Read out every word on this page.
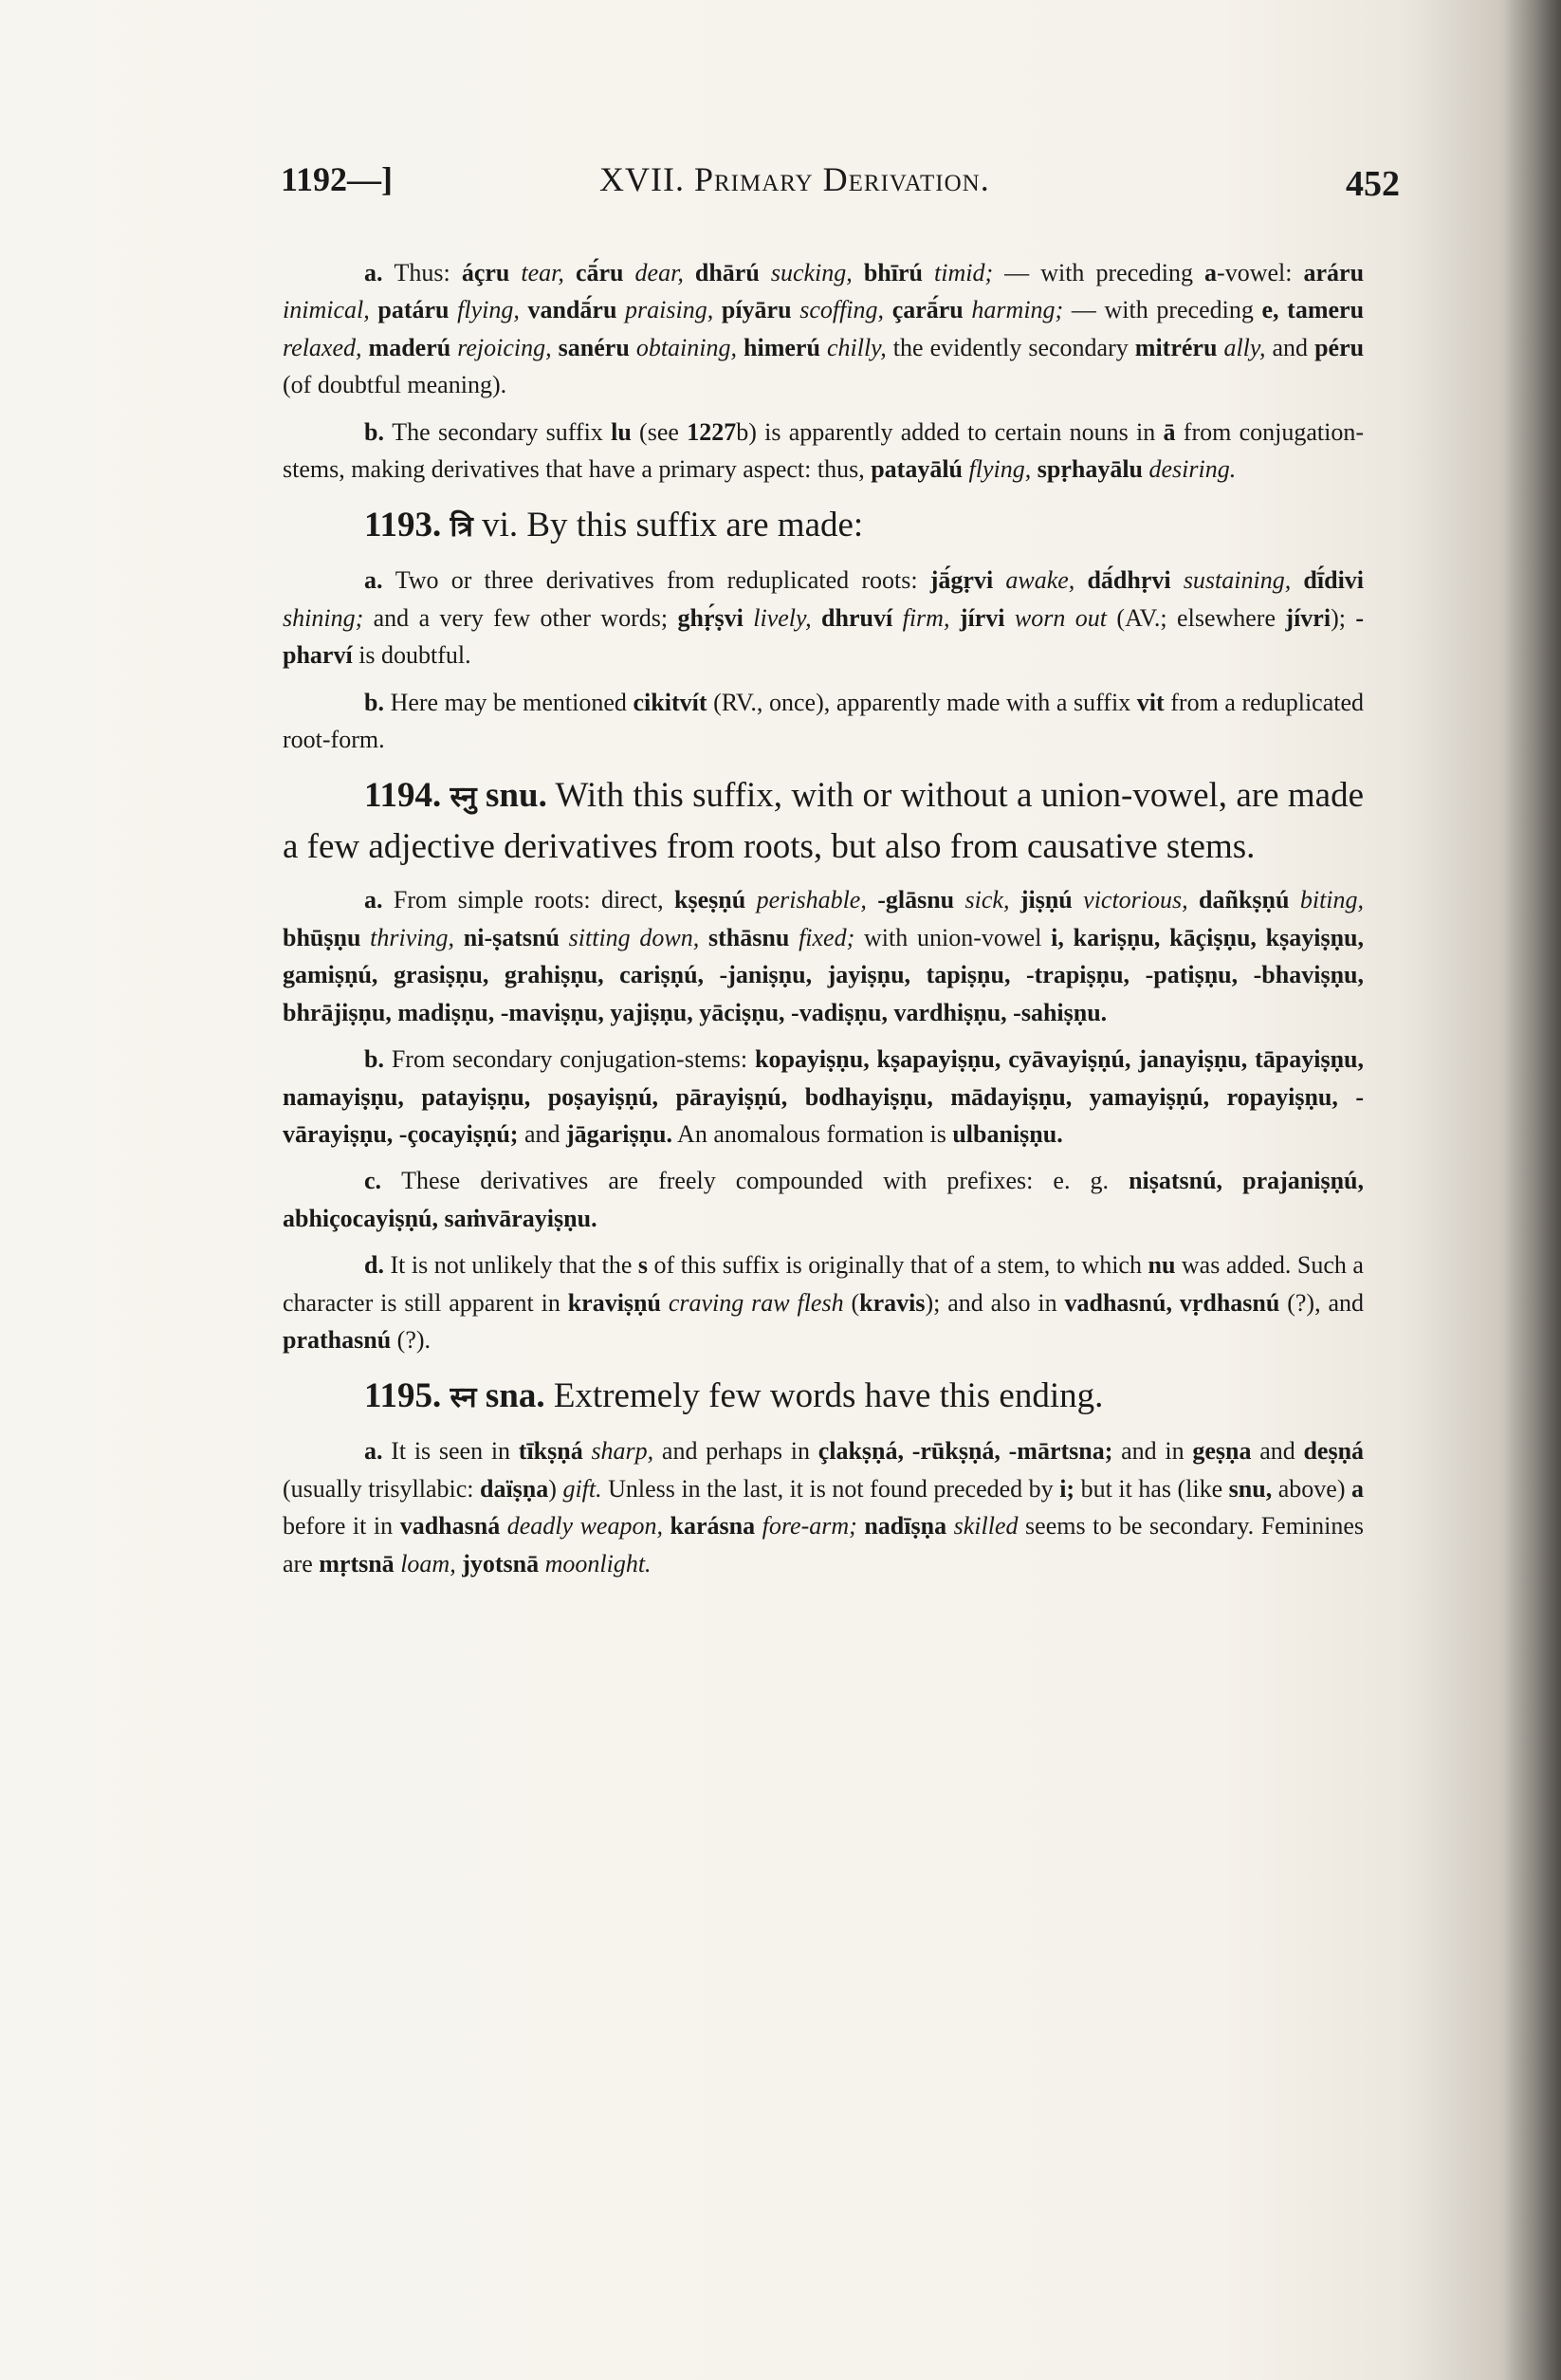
1192—]	XVII. Primary Derivation.	452

a. Thus: áçru tear, cā́ru dear, dhārú sucking, bhīrú timid; — with preceding a-vowel: aráru inimical, patáru flying, vandā́ru praising, píyāru scoffing, çarā́ru harming; — with preceding e, tameru relaxed, maderú rejoicing, sanéru obtaining, himerú chilly, the evidently secondary mitréru ally, and péru (of doubtful meaning).

b. The secondary suffix lu (see 1227b) is apparently added to certain nouns in ā from conjugation-stems, making derivatives that have a primary aspect: thus, patayālú flying, spṛhayālu desiring.

1193. त्रि vi. By this suffix are made:

a. Two or three derivatives from reduplicated roots: jā́gṛvi awake, dā́dhṛvi sustaining, dī́divi shining; and a very few other words; ghṛ́ṣvi lively, dhruví firm, jírvi worn out (AV.; elsewhere jívri); -pharví is doubtful.

b. Here may be mentioned cikitvít (RV., once), apparently made with a suffix vit from a reduplicated root-form.

1194. स्नु snu. With this suffix, with or without a union-vowel, are made a few adjective derivatives from roots, but also from causative stems.

a. From simple roots: direct, kṣeṣṇú perishable, -glāsnu sick, jiṣṇú victorious, dañkṣṇú biting, bhūṣṇu thriving, ni-ṣatsnú sitting down, sthāsnu fixed; with union-vowel i, kariṣṇu, kāçiṣṇu, kṣayiṣṇu, gamiṣṇú, grasiṣṇu, grahiṣṇu, cariṣṇú, -janiṣṇu, jayiṣṇu, tapiṣṇu, -trapiṣṇu, -patiṣṇu, -bhaviṣṇu, bhrājiṣṇu, madiṣṇu, -maviṣṇu, yajiṣṇu, yāciṣṇu, -vadiṣṇu, vardhiṣṇu, -sahiṣṇu.

b. From secondary conjugation-stems: kopayiṣṇu, kṣapayiṣṇu, cyāvayiṣṇú, janayiṣṇu, tāpayiṣṇu, namayiṣṇu, patayiṣṇu, poṣayiṣṇú, pārayiṣṇú, bodhayiṣṇu, mādayiṣṇu, yamayiṣṇú, ropayiṣṇu, -vārayiṣṇu, -çocayiṣṇú; and jāgariṣṇu. An anomalous formation is ulbaniṣṇu.

c. These derivatives are freely compounded with prefixes: e. g. niṣatsnú, prajaniṣṇú, abhiçocayiṣṇú, saṁvārayiṣṇu.

d. It is not unlikely that the s of this suffix is originally that of a stem, to which nu was added. Such a character is still apparent in kraviṣṇú craving raw flesh (kravis); and also in vadhasnú, vṛdhasnú (?), and prathasnú (?).

1195. स्न sna. Extremely few words have this ending.

a. It is seen in tīkṣṇá sharp, and perhaps in çlakṣṇá, -rūkṣṇá, -mārtsna; and in geṣṇa and deṣṇá (usually trisyllabic: daïṣṇa) gift. Unless in the last, it is not found preceded by i; but it has (like snu, above) a before it in vadhasná deadly weapon, karásna fore-arm; nadīṣṇa skilled seems to be secondary. Feminines are mṛtsnā loam, jyotsnā moonlight.
